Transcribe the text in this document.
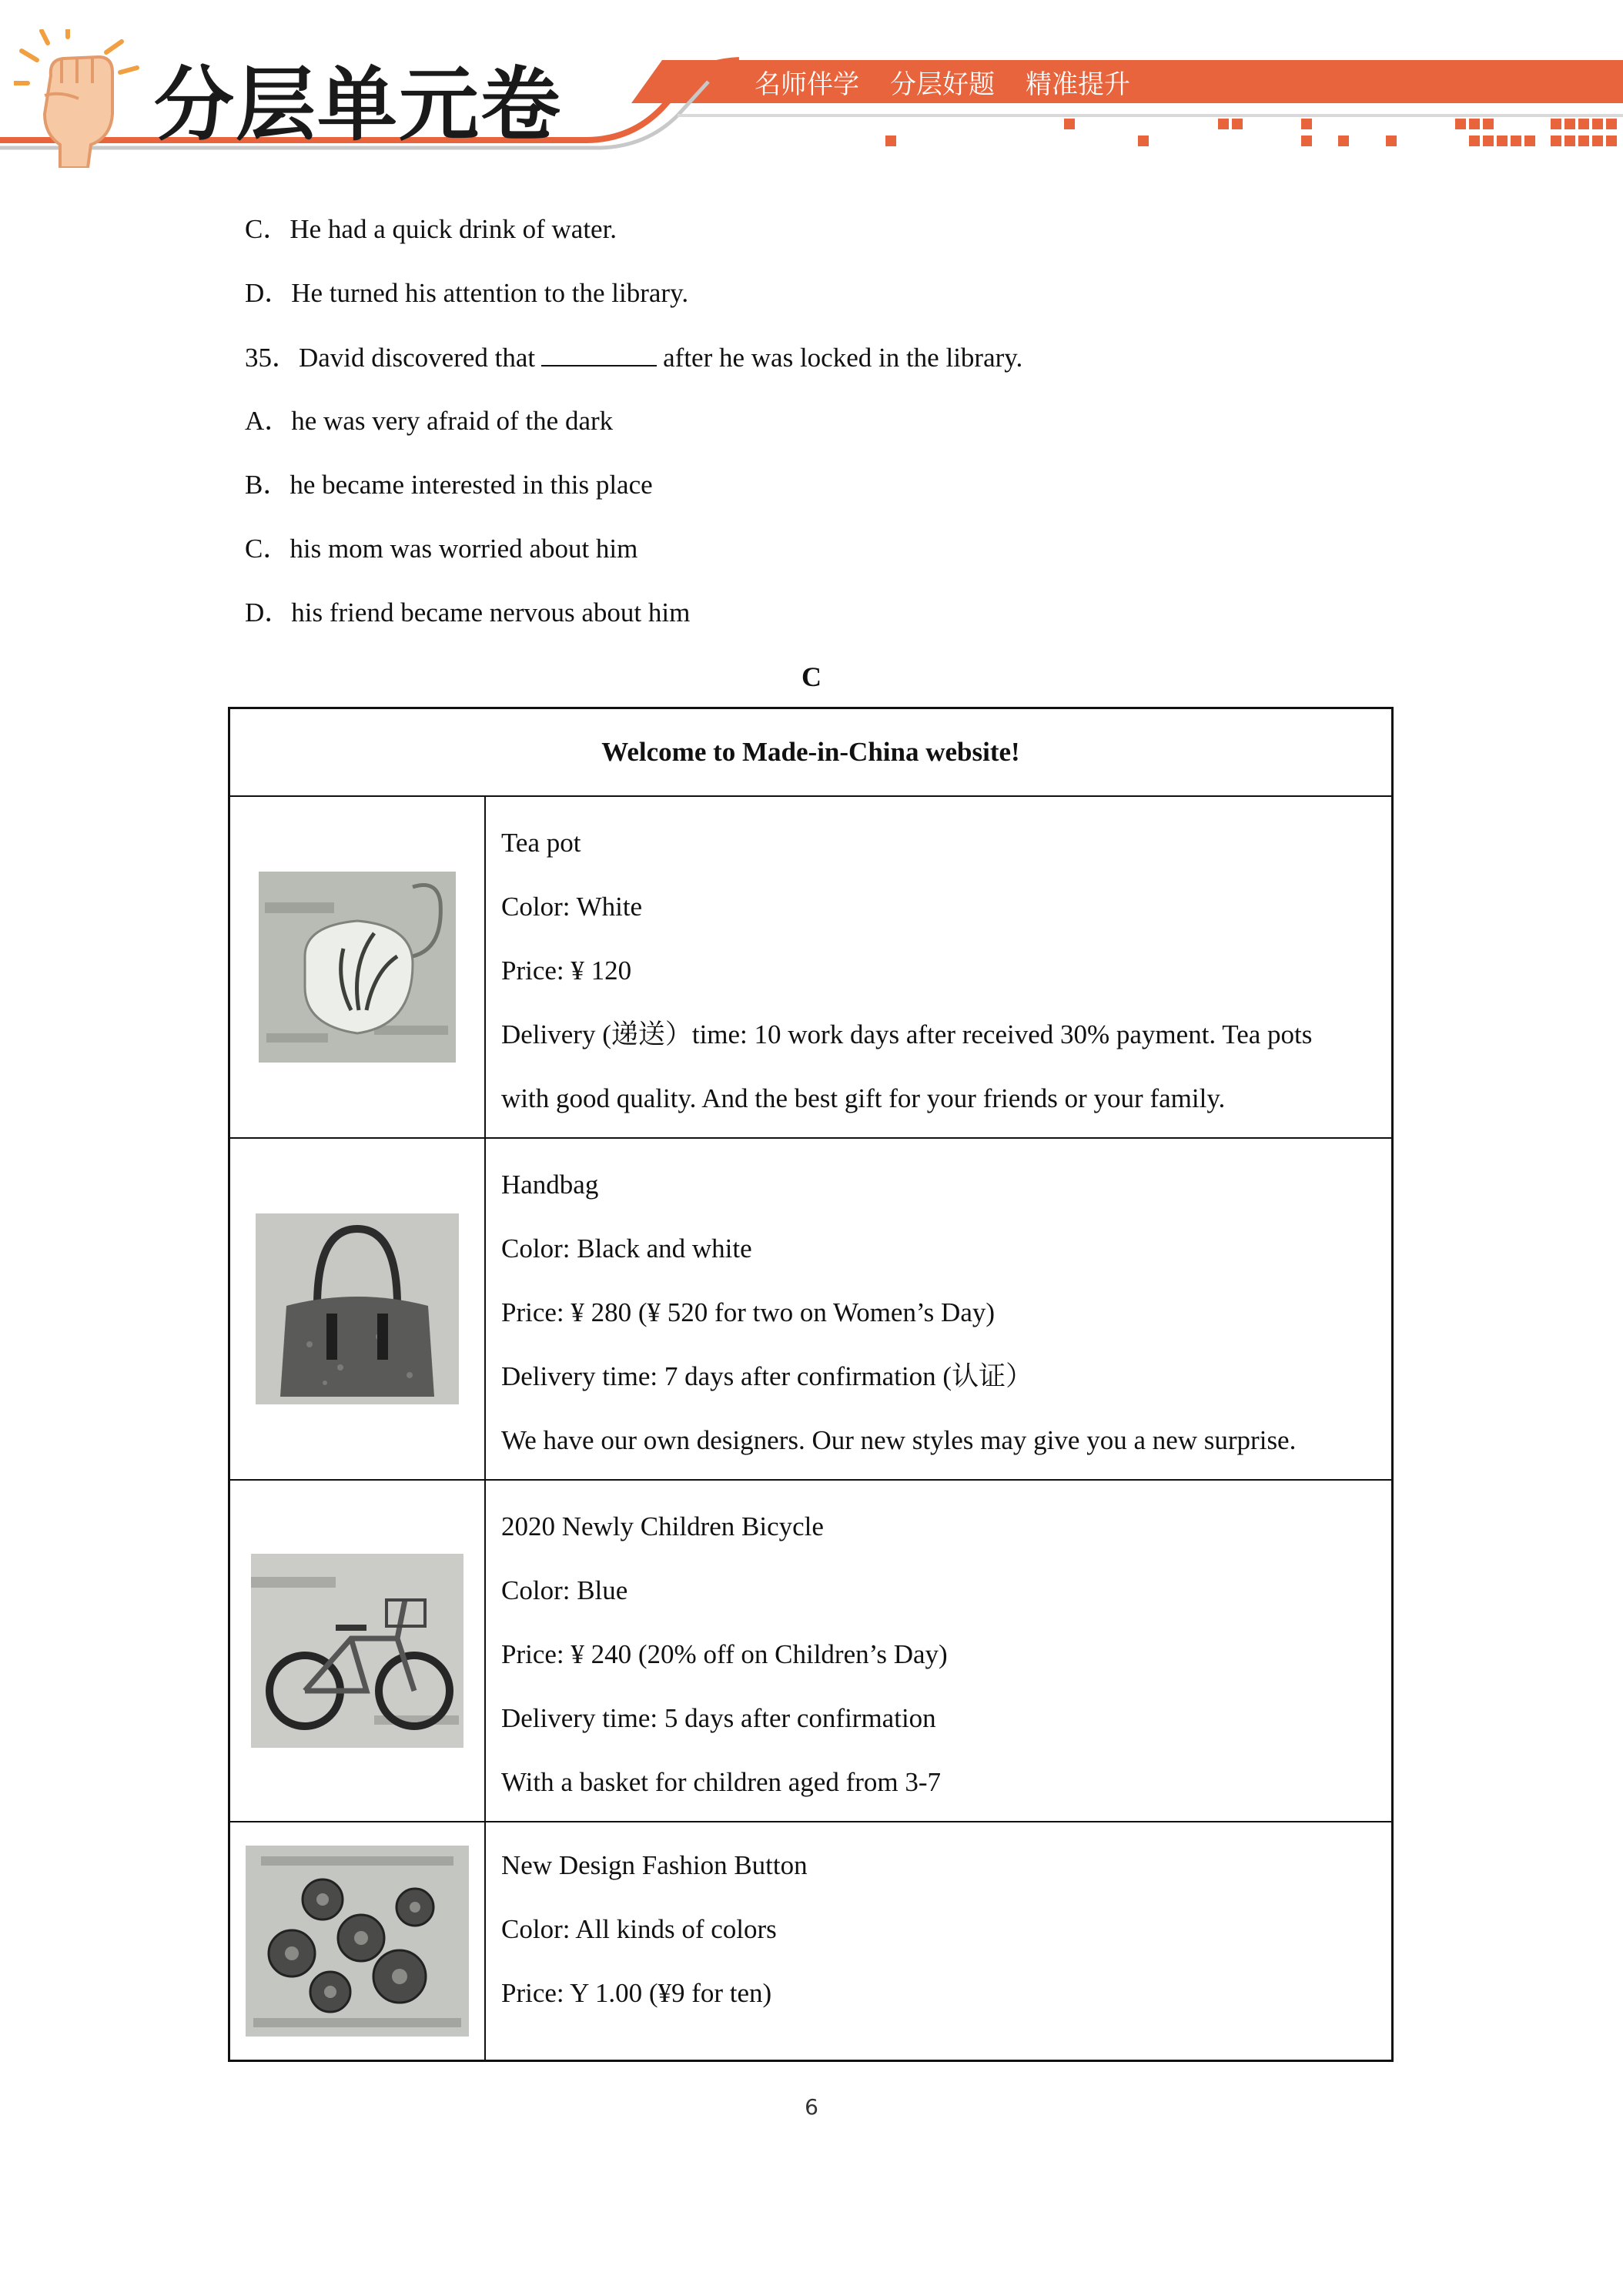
分层单元卷	名师伴学 分层好题 精准提升
C．He had a quick drink of water.
D．He turned his attention to the library.
35．David discovered that	after he was locked in the library.
A．he was very afraid of the dark
B．he became interested in this place
C．his mom was worried about him
D．his friend became nervous about him
C
Welcome to Made-in-China website!
Tea pot
Color: White
Price: ¥ 120
Delivery (递送）time: 10 work days after received 30% payment. Tea pots
with good quality. And the best gift for your friends or your family.
Handbag
Color: Black and white
Price: ¥ 280 (¥ 520 for two on Women’s Day)
Delivery time: 7 days after confirmation (认证）
We have our own designers. Our new styles may give you a new surprise.
2020 Newly Children Bicycle
Color: Blue
Price: ¥ 240 (20% off on Children’s Day)
Delivery time: 5 days after confirmation
With a basket for children aged from 3-7
New Design Fashion Button
Color: All kinds of colors
Price: Y 1.00 (¥9 for ten)
6
